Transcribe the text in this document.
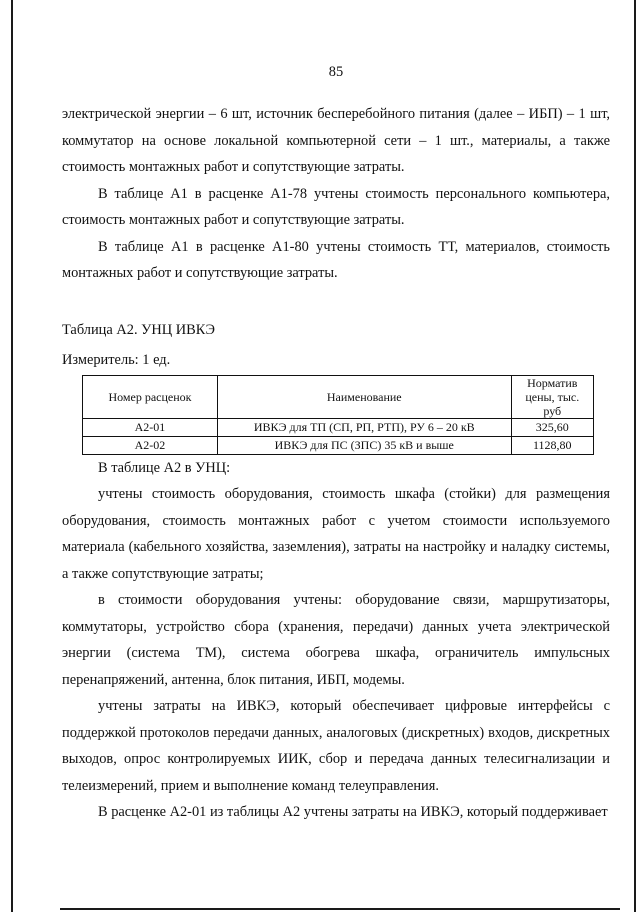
85

электрической энергии – 6 шт, источник бесперебойного питания (далее – ИБП) – 1 шт, коммутатор на основе локальной компьютерной сети – 1 шт., материалы, а также стоимость монтажных работ и сопутствующие затраты.

В таблице А1 в расценке А1-78 учтены стоимость персонального компьютера, стоимость монтажных работ и сопутствующие затраты.

В таблице А1 в расценке А1-80 учтены стоимость ТТ, материалов, стоимость монтажных работ и сопутствующие затраты.

Таблица А2. УНЦ ИВКЭ
Измеритель: 1 ед.
Номер расценок	Наименование	Норматив цены, тыс. руб
А2-01	ИВКЭ для ТП (СП, РП, РТП), РУ 6 – 20 кВ	325,60
А2-02	ИВКЭ для ПС (ЗПС) 35 кВ и выше	1128,80

В таблице А2 в УНЦ:

учтены стоимость оборудования, стоимость шкафа (стойки) для размещения оборудования, стоимость монтажных работ с учетом стоимости используемого материала (кабельного хозяйства, заземления), затраты на настройку и наладку системы, а также сопутствующие затраты;

в стоимости оборудования учтены: оборудование связи, маршрутизаторы, коммутаторы, устройство сбора (хранения, передачи) данных учета электрической энергии (система ТМ), система обогрева шкафа, ограничитель импульсных перенапряжений, антенна, блок питания, ИБП, модемы.

учтены затраты на ИВКЭ, который обеспечивает цифровые интерфейсы с поддержкой протоколов передачи данных, аналоговых (дискретных) входов, дискретных выходов, опрос контролируемых ИИК, сбор и передача данных телесигнализации и телеизмерений, прием и выполнение команд телеуправления.

В расценке А2-01 из таблицы А2 учтены затраты на ИВКЭ, который поддерживает
